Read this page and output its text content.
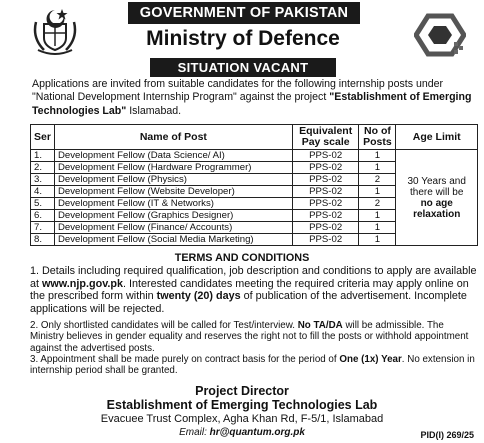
GOVERNMENT OF PAKISTAN
Ministry of Defence
SITUATION VACANT
Applications are invited from suitable candidates for the following internship posts under "National Development Internship Program" against the project "Establishment of Emerging Technologies Lab" Islamabad.
Ser	Name of Post	Equivalent Pay scale	No of Posts	Age Limit
1.	Development Fellow (Data Science/ AI)	PPS-02	1	30 Years and
there will be
no age
relaxation

2.	Development Fellow (Hardware Programmer)	PPS-02	1	
3.	Development Fellow (Physics)	PPS-02	2	
4.	Development Fellow (Website Developer)	PPS-02	1	
5.	Development Fellow (IT & Networks)	PPS-02	2	
6.	Development Fellow (Graphics Designer)	PPS-02	1	
7.	Development Fellow (Finance/ Accounts)	PPS-02	1	
8.	Development Fellow (Social Media Marketing)	PPS-02	1	
TERMS AND CONDITIONS
1. Details including required qualification, job description and conditions to apply are available at www.njp.gov.pk. Interested candidates meeting the required criteria may apply online on the prescribed form within twenty (20) days of publication of the advertisement. Incomplete applications will be rejected.
2. Only shortlisted candidates will be called for Test/interview. No TA/DA will be admissible. The Ministry believes in gender equality and reserves the right not to fill the posts or withhold appointment against the advertised posts.
3. Appointment shall be made purely on contract basis for the period of One (1x) Year. No extension in internship period shall be granted.
Project Director
Establishment of Emerging Technologies Lab
Evacuee Trust Complex, Agha Khan Rd, F-5/1, Islamabad
Email: hr@quantum.org.pk	PID(I) 269/25
